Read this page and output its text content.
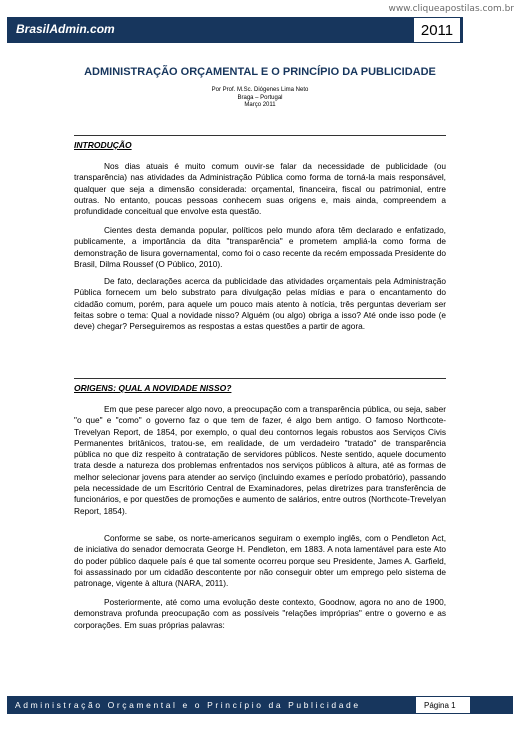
www.cliqueapostilas.com.br
BrasilAdmin.com	2011
ADMINISTRAÇÃO ORÇAMENTAL E O PRINCÍPIO DA PUBLICIDADE
Por Prof. M.Sc. Diógenes Lima Neto
Braga – Portugal
Março 2011
INTRODUÇÃO

Nos dias atuais é muito comum ouvir-se falar da necessidade de publicidade (ou transparência) nas atividades da Administração Pública como forma de torná-la mais responsável, qualquer que seja a dimensão considerada: orçamental, financeira, fiscal ou patrimonial, entre outras. No entanto, poucas pessoas conhecem suas origens e, mais ainda, compreendem a profundidade conceitual que envolve esta questão.

Cientes desta demanda popular, políticos pelo mundo afora têm declarado e enfatizado, publicamente, a importância da dita "transparência" e prometem ampliá-la como forma de demonstração de lisura governamental, como foi o caso recente da recém empossada Presidente do Brasil, Dilma Roussef (O Público, 2010).

De fato, declarações acerca da publicidade das atividades orçamentais pela Administração Pública fornecem um belo substrato para divulgação pelas mídias e para o encantamento do cidadão comum, porém, para aquele um pouco mais atento à notícia, três perguntas deveriam ser feitas sobre o tema: Qual a novidade nisso? Alguém (ou algo) obriga a isso? Até onde isso pode (e deve) chegar? Perseguiremos as respostas a estas questões a partir de agora.

ORIGENS: QUAL A NOVIDADE NISSO?

Em que pese parecer algo novo, a preocupação com a transparência pública, ou seja, saber "o que" e "como" o governo faz o que tem de fazer, é algo bem antigo. O famoso Northcote-Trevelyan Report, de 1854, por exemplo, o qual deu contornos legais robustos aos Serviços Civis Permanentes britânicos, tratou-se, em realidade, de um verdadeiro "tratado" de transparência pública no que diz respeito à contratação de servidores públicos. Neste sentido, aquele documento trata desde a natureza dos problemas enfrentados nos serviços públicos à altura, até as formas de melhor selecionar jovens para atender ao serviço (incluindo exames e período probatório), passando pela necessidade de um Escritório Central de Examinadores, pelas diretrizes para transferência de funcionários, e por questões de promoções e aumento de salários, entre outros (Northcote-Trevelyan Report, 1854).

Conforme se sabe, os norte-americanos seguiram o exemplo inglês, com o Pendleton Act, de iniciativa do senador democrata George H. Pendleton, em 1883. A nota lamentável para este Ato do poder público daquele país é que tal somente ocorreu porque seu Presidente, James A. Garfield, foi assassinado por um cidadão descontente por não conseguir obter um emprego pelo sistema de patronage, vigente à altura (NARA, 2011).

Posteriormente, até como uma evolução deste contexto, Goodnow, agora no ano de 1900, demonstrava profunda preocupação com as possíveis "relações impróprias" entre o governo e as corporações. Em suas próprias palavras:

Administração Orçamental e o Princípio da Publicidade	Página 1
